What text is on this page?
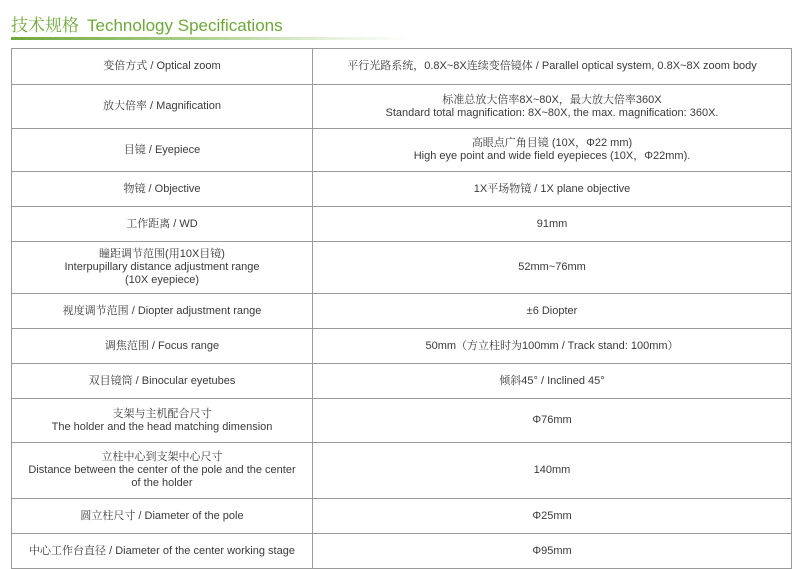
技术规格 Technology Specifications
变倍方式 / Optical zoom	平行光路系统，0.8X~8X连续变倍镜体 / Parallel optical system, 0.8X~8X zoom body

放大倍率 / Magnification	标准总放大倍率8X~80X，最大放大倍率360X
Standard total magnification: 8X~80X, the max. magnification: 360X.

目镜 / Eyepiece	高眼点广角目镜 (10X，Φ22 mm)
High eye point and wide field eyepieces (10X，Φ22mm).

物镜 / Objective	1X平场物镜 / 1X plane objective

工作距离 / WD	91mm

瞳距调节范围(用10X目镜)
Interpupillary distance adjustment range
(10X eyepiece)	52mm~76mm

视度调节范围 / Diopter adjustment range	±6 Diopter

调焦范围 / Focus range	50mm（方立柱时为100mm / Track stand: 100mm）

双目镜筒 / Binocular eyetubes	倾斜45° / Inclined 45°

支架与主机配合尺寸
The holder and the head matching dimension	Φ76mm

立柱中心到支架中心尺寸
Distance between the center of the pole and the center
of the holder	140mm

圆立柱尺寸 / Diameter of the pole	Φ25mm

中心工作台直径 / Diameter of the center working stage	Φ95mm
